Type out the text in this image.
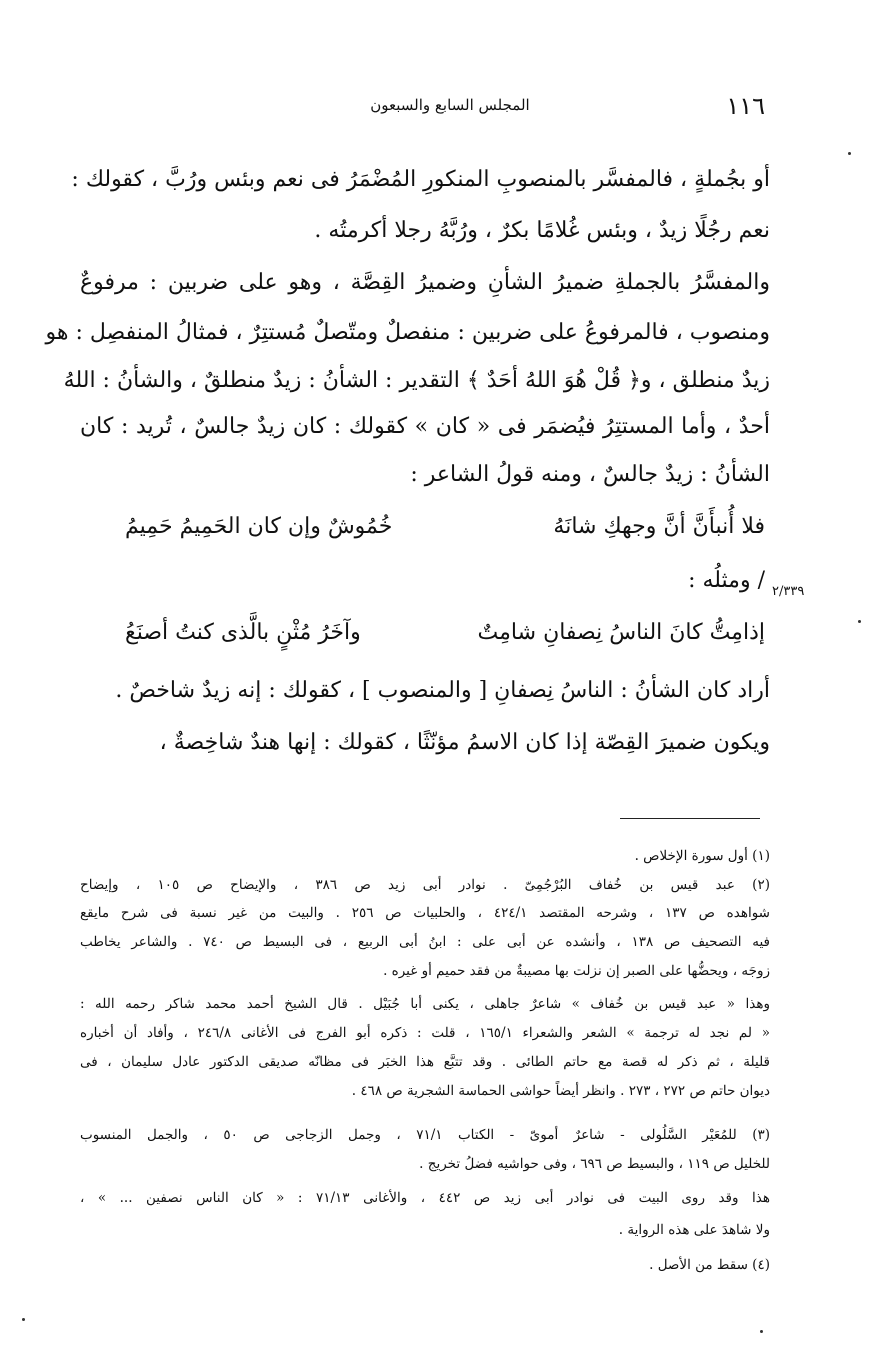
١١٦
المجلس السابع والسبعون
أو بجُملةٍ ، فالمفسَّر بالمنصوبِ المنكورِ المُضْمَرُ فى نعم وبئس ورُبَّ ، كقولك :
نعم رجُلًا زيدٌ ، وبئس غُلامًا بكرٌ ، ورُبَّهُ رجلا أكرمتُه .
والمفسَّرُ بالجملةِ ضميرُ الشأنِ وضميرُ القِصَّة ، وهو على ضربين : مرفوعٌ
ومنصوب ، فالمرفوعُ على ضربين : منفصلٌ ومتّصلٌ مُستتِرٌ ، فمثالُ المنفصِل : هو
زيدٌ منطلق ، و﴿ قُلْ هُوَ اللهُ أحَدٌ ﴾ التقدير : الشأنُ : زيدٌ منطلقٌ ، والشأنُ : اللهُ
أحدٌ ، وأما المستتِرُ فيُضمَر فى « كان » كقولك : كان زيدٌ جالسٌ ، تُريد : كان
الشأنُ : زيدٌ جالسٌ ، ومنه قولُ الشاعر :
فلا أُنبأَنَّ أنَّ وجهكِ شانَهُ
خُمُوشٌ وإن كان الحَمِيمُ حَمِيمُ
/ ومثلُه : ٢/٣٣٩
إذامِتُّ كانَ الناسُ نِصفانِ شامِتٌ
وآخَرُ مُثْنٍ بالَّذى كنتُ أصنَعُ
أراد كان الشأنُ : الناسُ نِصفانِ [ والمنصوب ] ، كقولك : إنه زيدٌ شاخصٌ .
ويكون ضميرَ القِصّة إذا كان الاسمُ مؤنّثًا ، كقولك : إنها هندٌ شاخِصةٌ ،
(١) أول سورة الإخلاص .
(٢) عبد قيس بن خُفاف البُرْجُمِىّ . نوادر أبى زيد ص ٣٨٦ ، والإيضاح ص ١٠٥ ، وإيضاح
شواهده ص ١٣٧ ، وشرحه المقتصد ٤٢٤/١ ، والحلبيات ص ٢٥٦ . والبيت من غير نسبة فى شرح مايقع
فيه التصحيف ص ١٣٨ ، وأنشده عن أبى على : ابنُ أبى الربيع ، فى البسيط ص ٧٤٠ . والشاعر يخاطب
زوجَه ، ويحضُّها على الصبر إن نزلت بها مصيبةٌ من فقد حميم أو غيره .
وهذا « عبد قيس بن خُفاف » شاعرٌ جاهلى ، يكنى أبا جُبَيْل . قال الشيخ أحمد محمد شاكر رحمه الله :
« لم نجد له ترجمة » الشعر والشعراء ١٦٥/١ ، قلت : ذكره أبو الفرج فى الأغانى ٢٤٦/٨ ، وأفاد أن أخباره
قليلة ، ثم ذكر له قصة مع حاتم الطائى . وقد تتبَّع هذا الخبَر فى مظانّه صديقى الدكتور عادل سليمان ، فى
ديوان حاتم ص ٢٧٢ ، ٢٧٣ . وانظر أيضاً حواشى الحماسة الشجرية ص ٤٦٨ .
(٣) للمُعَيْر السَّلُولى - شاعرٌ أموىّ - الكتاب ٧١/١ ، وجمل الزجاجى ص ٥٠ ، والجمل المنسوب
للخليل ص ١١٩ ، والبسيط ص ٦٩٦ ، وفى حواشيه فضلُ تخريج .
هذا وقد روى البيت فى نوادر أبى زيد ص ٤٤٢ ، والأغانى ٧١/١٣ : « كان الناس نصفين ... » ،
ولا شاهدَ على هذه الرواية .
(٤) سقط من الأصل .
